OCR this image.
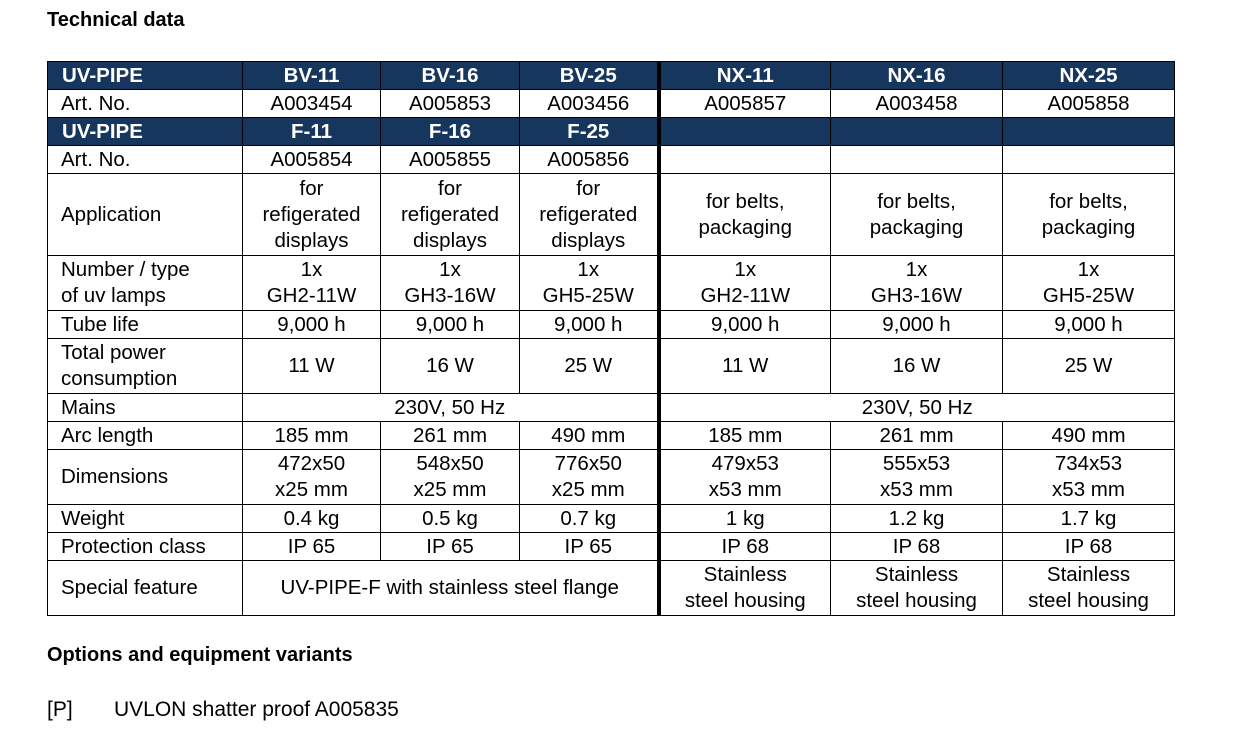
Technical data
UV-PIPE	BV-11	BV-16	BV-25	NX-11	NX-16	NX-25
Art. No.	A003454	A005853	A003456	A005857	A003458	A005858
UV-PIPE	F-11	F-16	F-25			
Art. No.	A005854	A005855	A005856			
Application	for
refigerated
displays	for
refigerated
displays	for
refigerated
displays	for belts,
packaging	for belts,
packaging	for belts,
packaging

Number / type
of uv lamps	1x
GH2-11W	1x
GH3-16W	1x
GH5-25W	1x
GH2-11W	1x
GH3-16W	1x
GH5-25W

Tube life	9,000 h	9,000 h	9,000 h	9,000 h	9,000 h	9,000 h

Total power
consumption	11 W	16 W	25 W	11 W	16 W	25 W
Mains	230V, 50 Hz			230V, 50 Hz		
Arc length	185 mm	261 mm	490 mm	185 mm	261 mm	490 mm
Dimensions	472x50
x25 mm	548x50
x25 mm	776x50
x25 mm	479x53
x53 mm	555x53
x53 mm	734x53
x53 mm

Weight	0.4 kg	0.5 kg	0.7 kg	1 kg	1.2 kg	1.7 kg
Protection class	IP 65	IP 65	IP 65	IP 68	IP 68	IP 68
Special feature	UV-PIPE-F with stainless steel flange			Stainless
steel housing	Stainless
steel housing	Stainless
steel housing
Options and equipment variants
[P] UVLON shatter proof A005835
